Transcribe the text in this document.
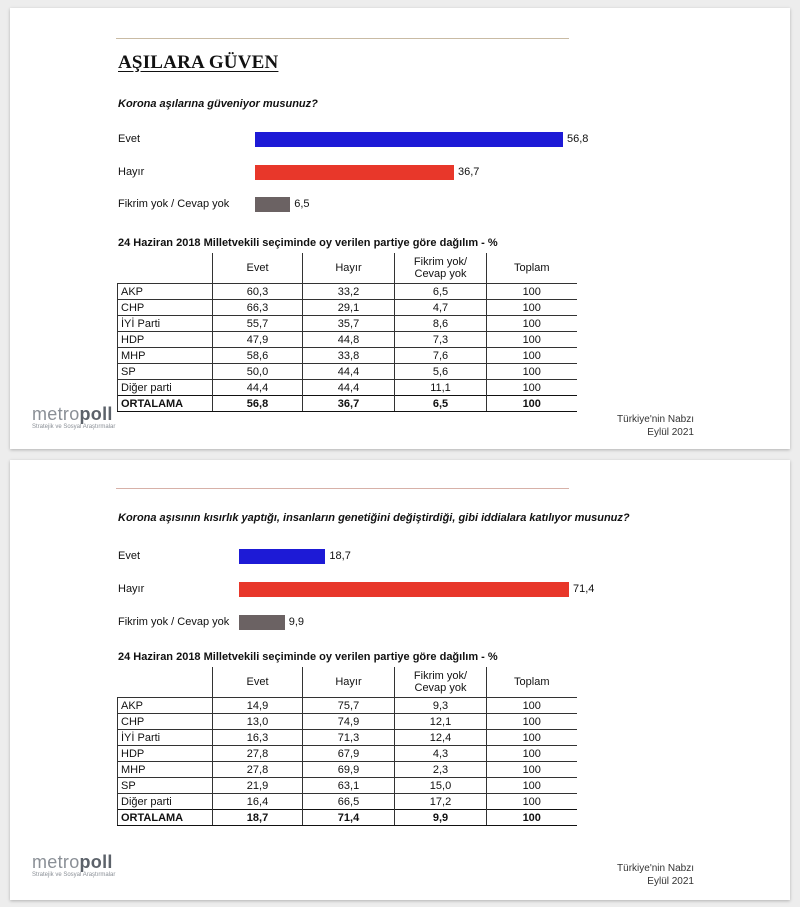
AŞILARA GÜVEN
Korona aşılarına güveniyor musunuz?
Evet	56,8
Hayır	36,7
Fikrim yok / Cevap yok	6,5
24 Haziran 2018 Milletvekili seçiminde oy verilen partiye göre dağılım - %
	Evet	Hayır	Fikrim yok/ Cevap yok	Toplam
AKP	60,3	33,2	6,5	100
CHP	66,3	29,1	4,7	100
İYİ Parti	55,7	35,7	8,6	100
HDP	47,9	44,8	7,3	100
MHP	58,6	33,8	7,6	100
SP	50,0	44,4	5,6	100
Diğer parti	44,4	44,4	11,1	100
ORTALAMA	56,8	36,7	6,5	100
metropoll
Stratejik ve Sosyal Araştırmalar
Türkiye'nin Nabzı
Eylül 2021
Korona aşısının kısırlık yaptığı, insanların genetiğini değiştirdiği, gibi iddialara katılıyor musunuz?
Evet	18,7
Hayır	71,4
Fikrim yok / Cevap yok	9,9
24 Haziran 2018 Milletvekili seçiminde oy verilen partiye göre dağılım - %
	Evet	Hayır	Fikrim yok/ Cevap yok	Toplam
AKP	14,9	75,7	9,3	100
CHP	13,0	74,9	12,1	100
İYİ Parti	16,3	71,3	12,4	100
HDP	27,8	67,9	4,3	100
MHP	27,8	69,9	2,3	100
SP	21,9	63,1	15,0	100
Diğer parti	16,4	66,5	17,2	100
ORTALAMA	18,7	71,4	9,9	100
metropoll
Stratejik ve Sosyal Araştırmalar
Türkiye'nin Nabzı
Eylül 2021
